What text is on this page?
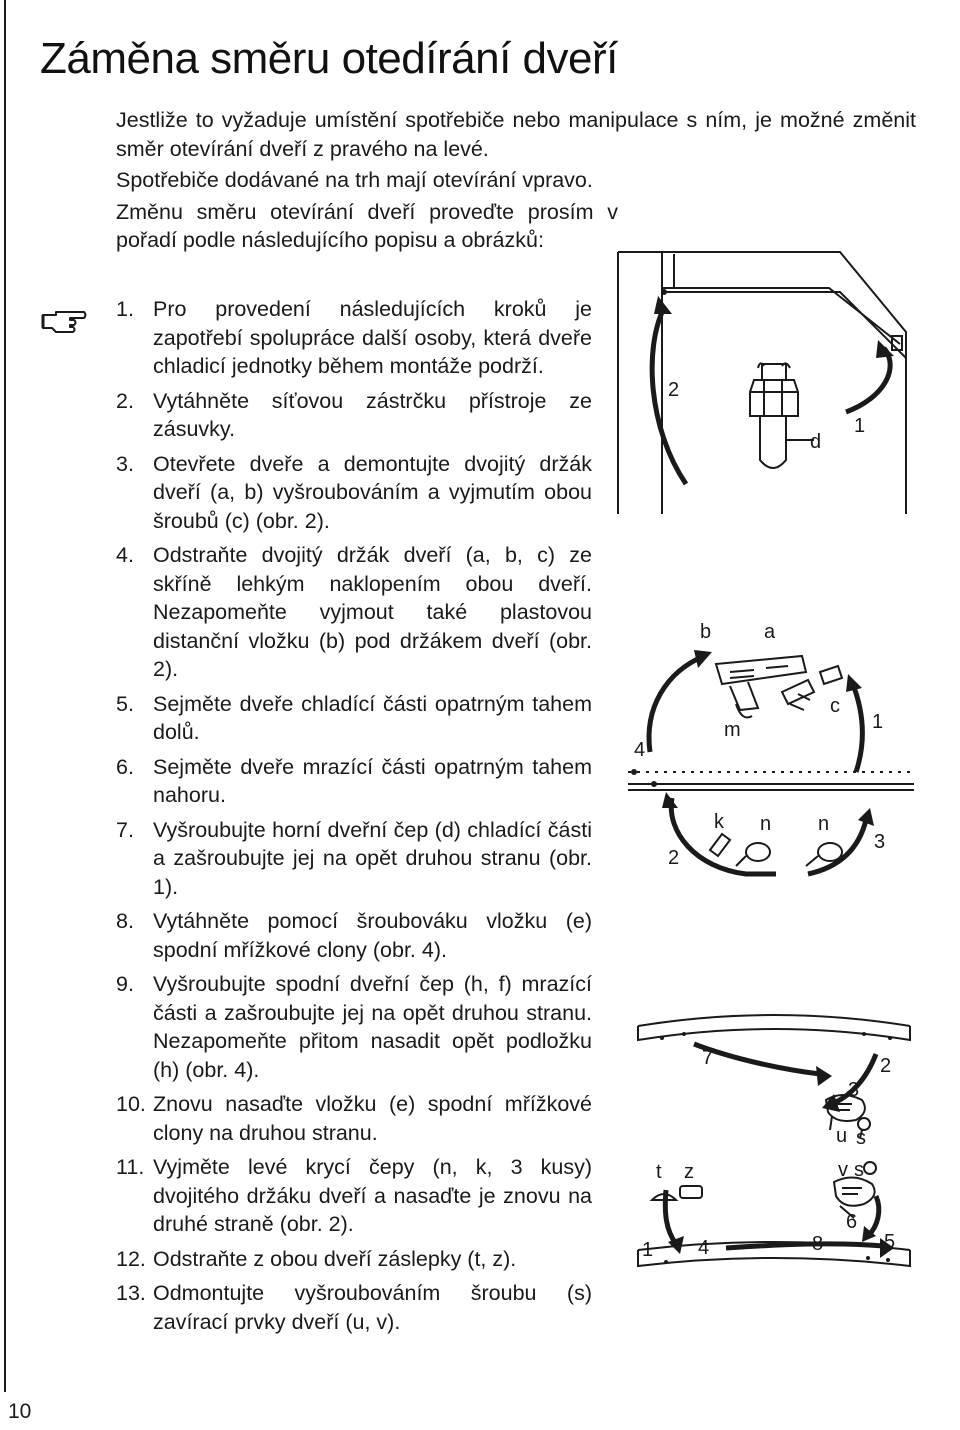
Záměna směru otedírání dveří

Jestliže to vyžaduje umístění spotřebiče nebo manipulace s ním, je možné změnit směr otevírání dveří z pravého na levé.

Spotřebiče dodávané na trh mají otevírání vpravo.

Změnu směru otevírání dveří proveďte prosím v pořadí podle následujícího popisu a obrázků:

1. Pro provedení následujících kroků je zapotřebí spolupráce další osoby, která dveře chladicí jednotky během montáže podrží.
2. Vytáhněte síťovou zástrčku přístroje ze zásuvky.
3. Otevřete dveře a demontujte dvojitý držák dveří (a, b) vyšroubováním a vyjmutím obou šroubů (c) (obr. 2).
4. Odstraňte dvojitý držák dveří (a, b, c) ze skříně lehkým naklopením obou dveří. Nezapomeňte vyjmout také plastovou distanční vložku (b) pod držákem dveří (obr. 2).
5. Sejměte dveře chladící části opatrným tahem dolů.
6. Sejměte dveře mrazící části opatrným tahem nahoru.
7. Vyšroubujte horní dveřní čep (d) chladící části a zašroubujte jej na opět druhou stranu (obr. 1).
8. Vytáhněte pomocí šroubováku vložku (e) spodní mřížkové clony (obr. 4).
9. Vyšroubujte spodní dveřní čep (h, f) mrazící části a zašroubujte jej na opět druhou stranu. Nezapomeňte přitom nasadit opět podložku (h) (obr. 4).
10. Znovu nasaďte vložku (e) spodní mřížkové clony na druhou stranu.
11. Vyjměte levé krycí čepy (n, k, 3 kusy) dvojitého držáku dveří a nasaďte je znovu na druhé straně (obr. 2).
12. Odstraňte z obou dveří záslepky (t, z).
13. Odmontujte vyšroubováním šroubu (s) zavírací prvky dveří (u, v).
2
d
1
b	a
1
c
m
4
k n n
2
3
7	2
3
u s
t z	v s
6
1 4	8	5
10
